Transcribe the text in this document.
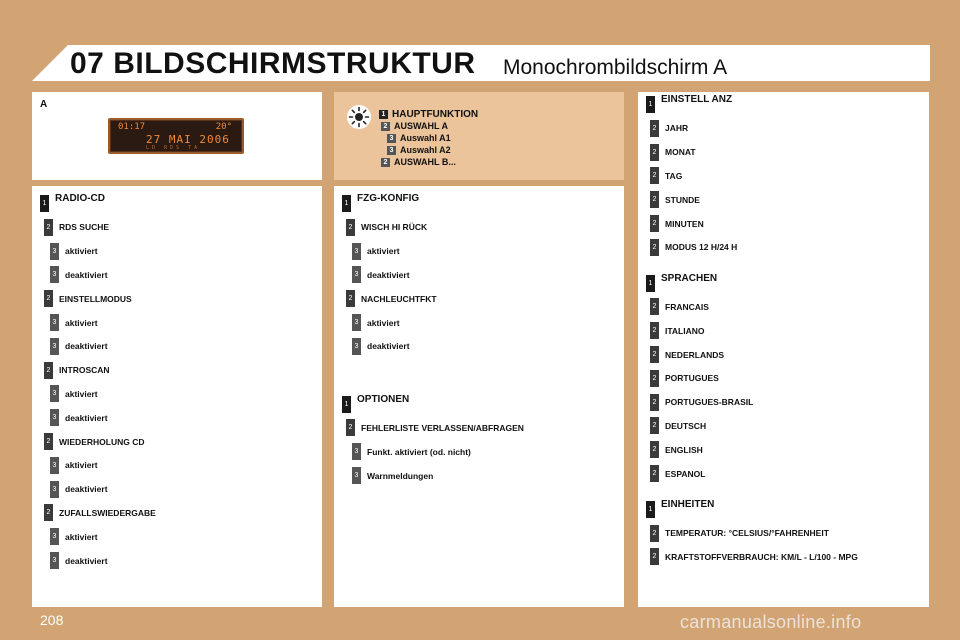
07 BILDSCHIRMSTRUKTUR Monochrombildschirm A
A
01:17	20°
27 MAI 2006
LD RDS TA
1 HAUPTFUNKTION
2 AUSWAHL A
3 Auswahl A1
3 Auswahl A2
2 AUSWAHL B...
1 RADIO-CD
2 RDS SUCHE
3 aktiviert
3 deaktiviert
2 EINSTELLMODUS
3 aktiviert
3 deaktiviert
2 INTROSCAN
3 aktiviert
3 deaktiviert
2 WIEDERHOLUNG CD
3 aktiviert
3 deaktiviert
2 ZUFALLSWIEDERGABE
3 aktiviert
3 deaktiviert
1 FZG-KONFIG
2 WISCH HI RÜCK
3 aktiviert
3 deaktiviert
2 NACHLEUCHTFKT
3 aktiviert
3 deaktiviert
1 OPTIONEN
2 FEHLERLISTE VERLASSEN/ABFRAGEN
3 Funkt. aktiviert (od. nicht)
3 Warnmeldungen
1 EINSTELL ANZ
2 JAHR
2 MONAT
2 TAG
2 STUNDE
2 MINUTEN
2 MODUS 12 H/24 H
1 SPRACHEN
2 FRANCAIS
2 ITALIANO
2 NEDERLANDS
2 PORTUGUES
2 PORTUGUES-BRASIL
2 DEUTSCH
2 ENGLISH
2 ESPANOL
1 EINHEITEN
2 TEMPERATUR: °CELSIUS/°FAHRENHEIT
2 KRAFTSTOFFVERBRAUCH: KM/L - L/100 - MPG
208	carmanualsonline.info
